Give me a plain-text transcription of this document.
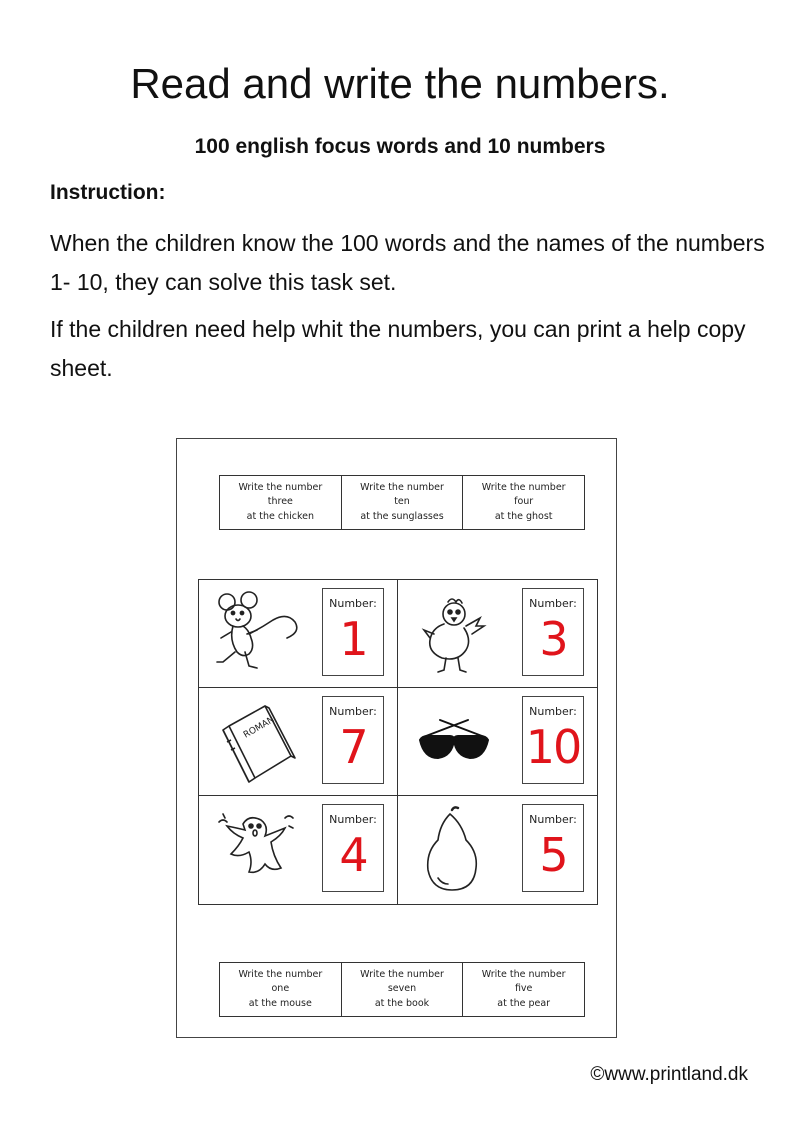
Read and write the numbers.
100 english focus words and 10 numbers
Instruction:
When the children know the 100 words and the names of the numbers 1- 10, they can solve this task set.
If the children need help whit the numbers, you can print a help copy sheet.
Write the number
three
at the chicken
Write the number
ten
at the sunglasses
Write the number
four
at the ghost
Number:
1
Number:
3
ROMAN
Number:
7
Number:
10
Number:
4
Number:
5
Write the number
one
at the mouse
Write the number
seven
at the book
Write the number
five
at the pear
©www.printland.dk
